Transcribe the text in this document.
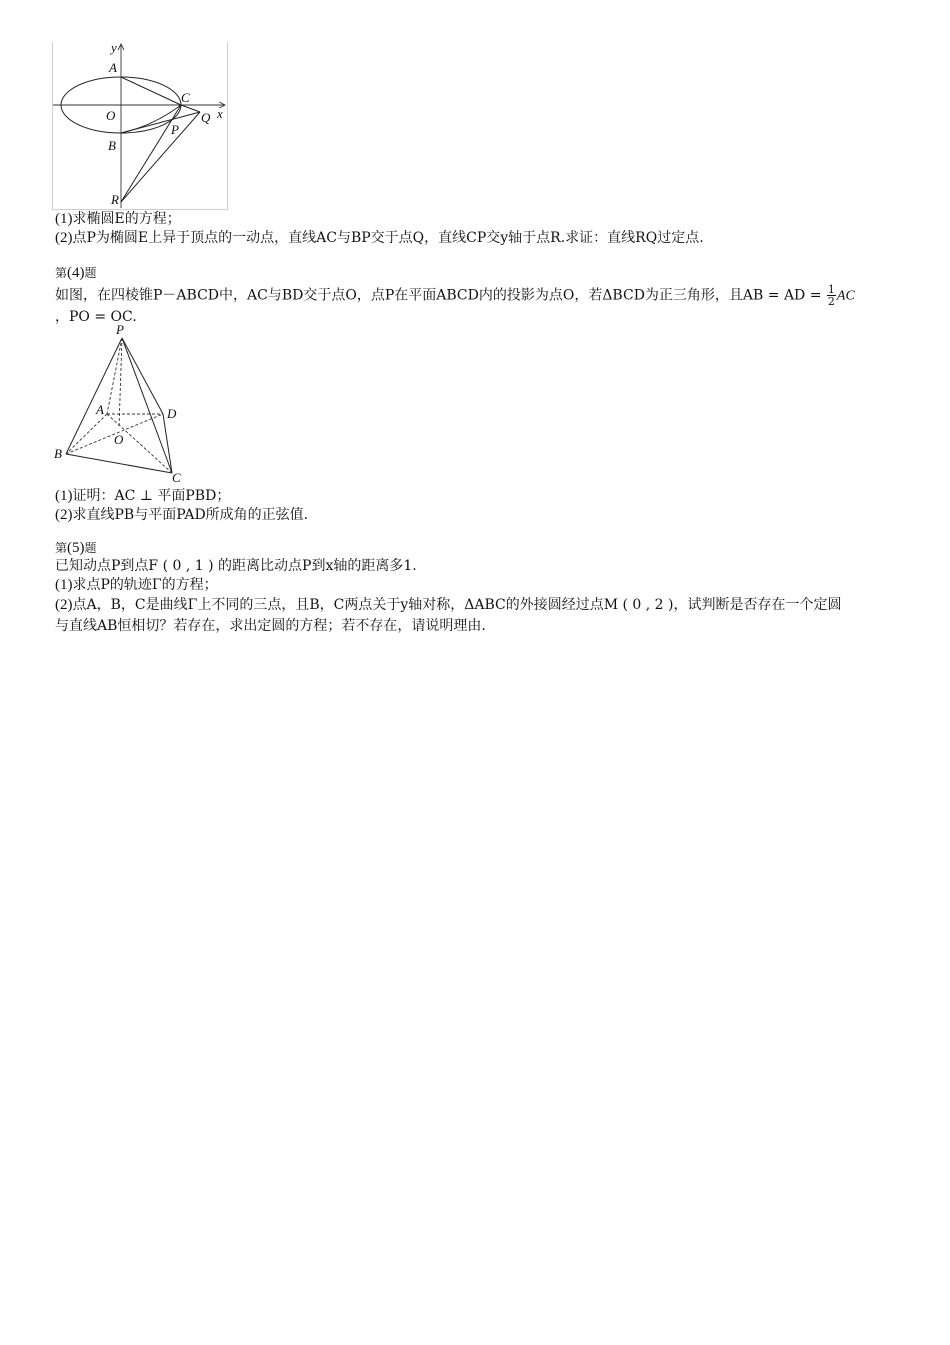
y
x
A
C
O
P
Q
B
R
(1)求椭圆E的方程；
(2)点P为椭圆E上异于顶点的一动点，直线AC与BP交于点Q，直线CP交y轴于点R.求证：直线RQ过定点.
第(4)题
如图，在四棱锥P－ABCD中，AC与BD交于点O，点P在平面ABCD内的投影为点O，若ΔBCD为正三角形，且AB = AD = $\frac{1}{2}$ AC
，PO = OC.
P
A	D
O
B
C
(1)证明：AC ⊥ 平面PBD；
(2)求直线PB与平面PAD所成角的正弦值.
第(5)题
已知动点P到点F ( 0 , 1 ) 的距离比动点P到x轴的距离多1.
(1)求点P的轨迹Γ的方程；
(2)点A，B，C是曲线Γ上不同的三点，且B，C两点关于y轴对称，ΔABC的外接圆经过点M ( 0 , 2 )，试判断是否存在一个定圆
与直线AB恒相切？若存在，求出定圆的方程；若不存在，请说明理由.
